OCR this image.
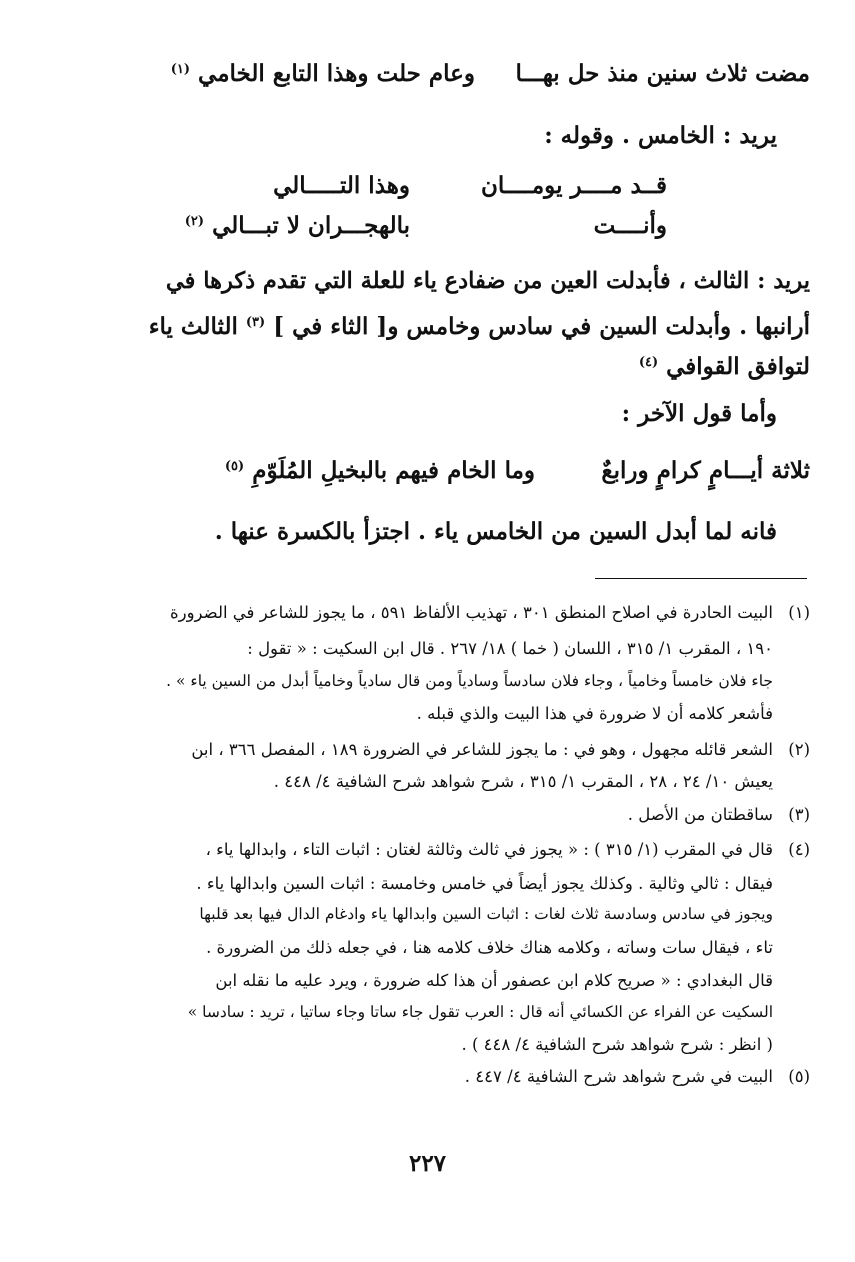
مضت ثلاث سنين منذ حل بهـــا
وعام حلت وهذا التابع الخامي $^{(١)}$
يريد : الخامس . وقوله :
قــد مــــر يومــــان
وهذا التـــــالي
وأنــــت
بالهجـــران لا تبـــالي $^{(٢)}$
يريد : الثالث ، فأبدلت العين من ضفادع ياء للعلة التي تقدم ذكرها في
أرانبها . وأبدلت السين في سادس وخامس و[ الثاء في ] $^{(٣)}$ الثالث ياء
لتوافق القوافي $^{(٤)}$
وأما قول الآخر :
ثلاثة أيـــامٍ كرامٍ ورابعٌ
وما الخام فيهم بالبخيلِ المُلَوّمِ $^{(٥)}$
فانه لما أبدل السين من الخامس ياء . اجتزأ بالكسرة عنها .
(١)
البيت الحادرة في اصلاح المنطق ٣٠١ ، تهذيب الألفاظ ٥٩١ ، ما يجوز للشاعر في الضرورة
١٩٠ ، المقرب ١/ ٣١٥ ، اللسان ( خما ) ١٨/ ٢٦٧ . قال ابن السكيت : « تقول :
جاء فلان خامساً وخامياً ، وجاء فلان سادساً وسادياً ومن قال سادياً وخامياً أبدل من السين ياء » .
فأشعر كلامه أن لا ضرورة في هذا البيت والذي قبله .
(٢)
الشعر قائله مجهول ، وهو في : ما يجوز للشاعر في الضرورة ١٨٩ ، المفصل ٣٦٦ ، ابن
يعيش ١٠/ ٢٤ ، ٢٨ ، المقرب ١/ ٣١٥ ، شرح شواهد شرح الشافية ٤/ ٤٤٨ .
(٣)
ساقطتان من الأصل .
(٤)
قال في المقرب (١/ ٣١٥ ) : « يجوز في ثالث وثالثة لغتان : اثبات التاء ، وابدالها ياء ،
فيقال : ثالي وثالية . وكذلك يجوز أيضاً في خامس وخامسة : اثبات السين وابدالها ياء .
ويجوز في سادس وسادسة ثلاث لغات : اثبات السين وابدالها ياء وادغام الدال فيها بعد قلبها
تاء ، فيقال سات وساته ، وكلامه هناك خلاف كلامه هنا ، في جعله ذلك من الضرورة .
قال البغدادي : « صريح كلام ابن عصفور أن هذا كله ضرورة ، ويرد عليه ما نقله ابن
السكيت عن الفراء عن الكسائي أنه قال : العرب تقول جاء ساتا وجاء ساتيا ، تريد : سادسا »
( انظر : شرح شواهد شرح الشافية ٤/ ٤٤٨ ) .
(٥)
البيت في شرح شواهد شرح الشافية ٤/ ٤٤٧ .
٢٢٧
